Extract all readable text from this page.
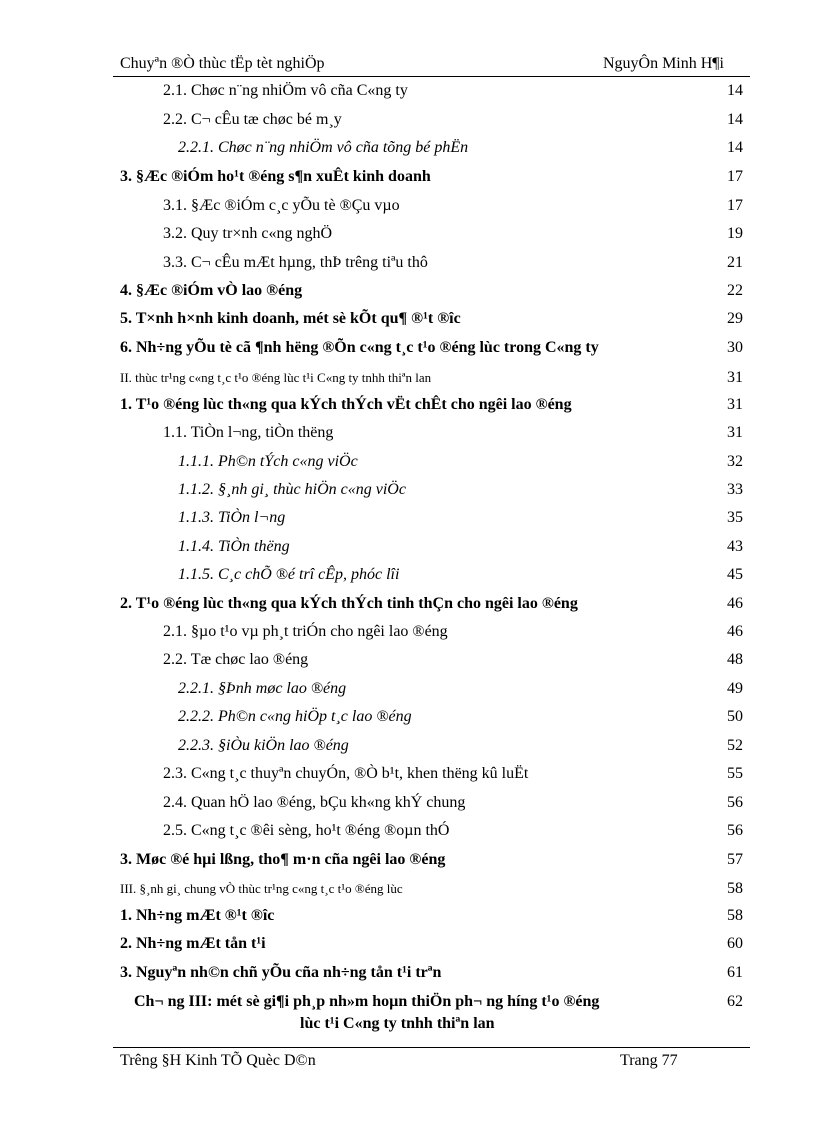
Chuyªn ®Ò thùc tËp tèt nghiÖp	NguyÔn Minh H¶i
2.1. Chøc n¨ng nhiÖm vô cña C«ng ty	14
2.2. C¬ cÊu tæ chøc bé m¸y	14
2.2.1. Chøc n¨ng nhiÖm vô cña tõng bé phËn	14
3. §Æc ®iÓm ho¹t ®éng s¶n xuÊt kinh doanh	17
3.1. §Æc ®iÓm c¸c yÕu tè ®Çu vµo	17
3.2. Quy tr×nh c«ng nghÖ	19
3.3. C¬ cÊu mÆt hµng, thÞ trêng tiªu thô	21
4. §Æc ®iÓm vÒ lao ®éng	22
5. T×nh h×nh kinh doanh, mét sè kÕt qu¶ ®¹t ®îc	29
6. Nh÷ng yÕu tè cã ¶nh hëng ®Õn c«ng t¸c t¹o ®éng lùc trong C«ng ty	30
II. thùc tr¹ng c«ng t¸c t¹o ®éng lùc t¹i C«ng ty tnhh thiªn lan	31
1. T¹o ®éng lùc th«ng qua kÝch thÝch vËt chÊt cho ngêi lao ®éng	31
1.1. TiÒn l¬ng, tiÒn thëng	31
1.1.1. Ph©n tÝch c«ng viÖc	32
1.1.2. §¸nh gi¸ thùc hiÖn c«ng viÖc	33
1.1.3. TiÒn l¬ng	35
1.1.4. TiÒn thëng	43
1.1.5. C¸c chÕ ®é trî cÊp, phóc lîi	45
2. T¹o ®éng lùc th«ng qua kÝch thÝch tinh thÇn cho ngêi lao ®éng	46
2.1. §µo t¹o vµ ph¸t triÓn cho ngêi lao ®éng	46
2.2. Tæ chøc lao ®éng	48
2.2.1. §Þnh møc lao ®éng	49
2.2.2. Ph©n c«ng hiÖp t¸c lao ®éng	50
2.2.3. §iÒu kiÖn lao ®éng	52
2.3. C«ng t¸c thuyªn chuyÓn, ®Ò b¹t, khen thëng kû luËt	55
2.4. Quan hÖ lao ®éng, bÇu kh«ng khÝ chung	56
2.5. C«ng t¸c ®êi sèng, ho¹t ®éng ®oµn thÓ	56
3. Møc ®é hµi lßng, tho¶ m·n cña ngêi lao ®éng	57
III. §¸nh gi¸ chung vÒ thùc tr¹ng c«ng t¸c t¹o ®éng lùc	58
1. Nh÷ng mÆt ®¹t ®îc	58
2. Nh÷ng mÆt tån t¹i	60
3. Nguyªn nh©n chñ yÕu cña nh÷ng tån t¹i trªn	61
Ch¬ ng III: mét sè gi¶i ph¸p nh»m hoµn thiÖn ph¬ ng híng t¹o ®éng	62
lùc t¹i C«ng ty tnhh thiªn lan
Trêng §H Kinh TÕ Quèc D©n	Trang 77
